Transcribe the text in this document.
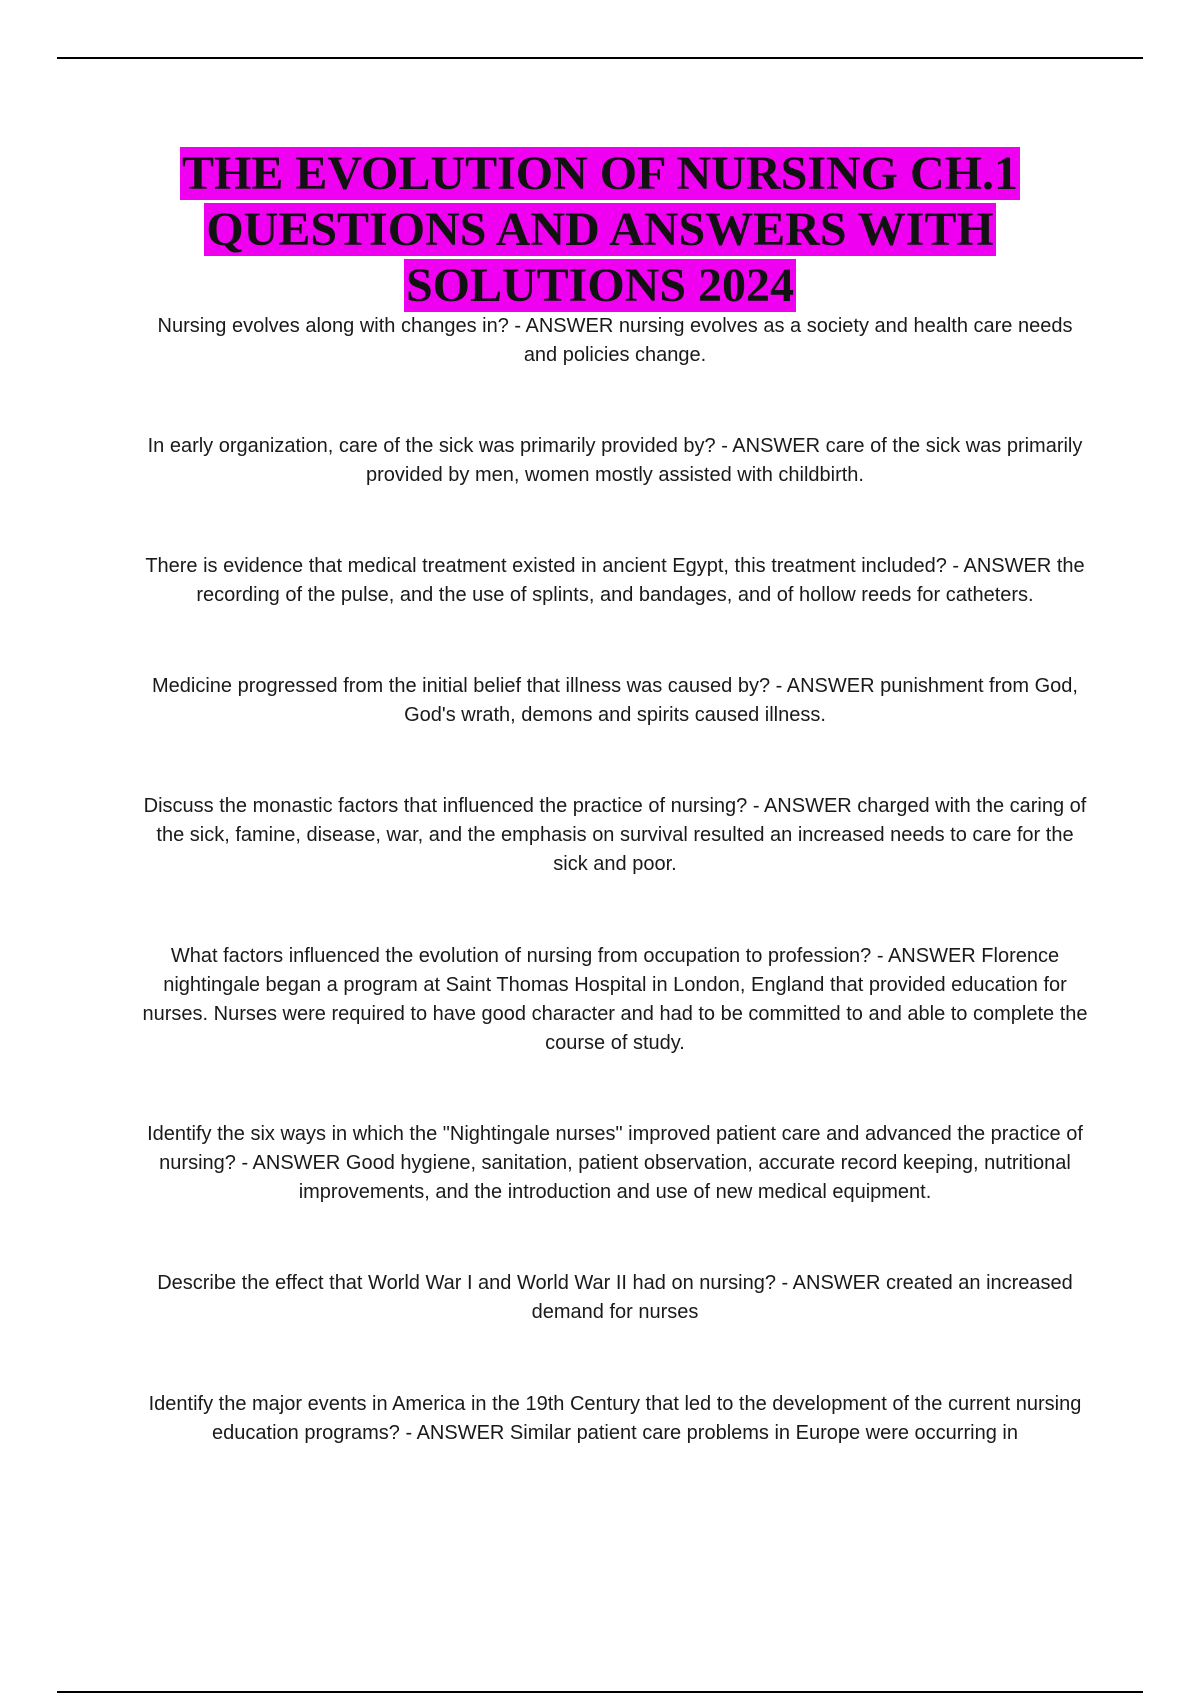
THE EVOLUTION OF NURSING CH.1 QUESTIONS AND ANSWERS WITH SOLUTIONS 2024

Nursing evolves along with changes in? - ANSWER nursing evolves as a society and health care needs and policies change.

In early organization, care of the sick was primarily provided by? - ANSWER care of the sick was primarily provided by men, women mostly assisted with childbirth.

There is evidence that medical treatment existed in ancient Egypt, this treatment included? - ANSWER the recording of the pulse, and the use of splints, and bandages, and of hollow reeds for catheters.

Medicine progressed from the initial belief that illness was caused by? - ANSWER punishment from God, God's wrath, demons and spirits caused illness.

Discuss the monastic factors that influenced the practice of nursing? - ANSWER charged with the caring of the sick, famine, disease, war, and the emphasis on survival resulted an increased needs to care for the sick and poor.

What factors influenced the evolution of nursing from occupation to profession? - ANSWER Florence nightingale began a program at Saint Thomas Hospital in London, England that provided education for nurses. Nurses were required to have good character and had to be committed to and able to complete the course of study.

Identify the six ways in which the "Nightingale nurses" improved patient care and advanced the practice of nursing? - ANSWER Good hygiene, sanitation, patient observation, accurate record keeping, nutritional improvements, and the introduction and use of new medical equipment.

Describe the effect that World War I and World War II had on nursing? - ANSWER created an increased demand for nurses

Identify the major events in America in the 19th Century that led to the development of the current nursing education programs? - ANSWER Similar patient care problems in Europe were occurring in
